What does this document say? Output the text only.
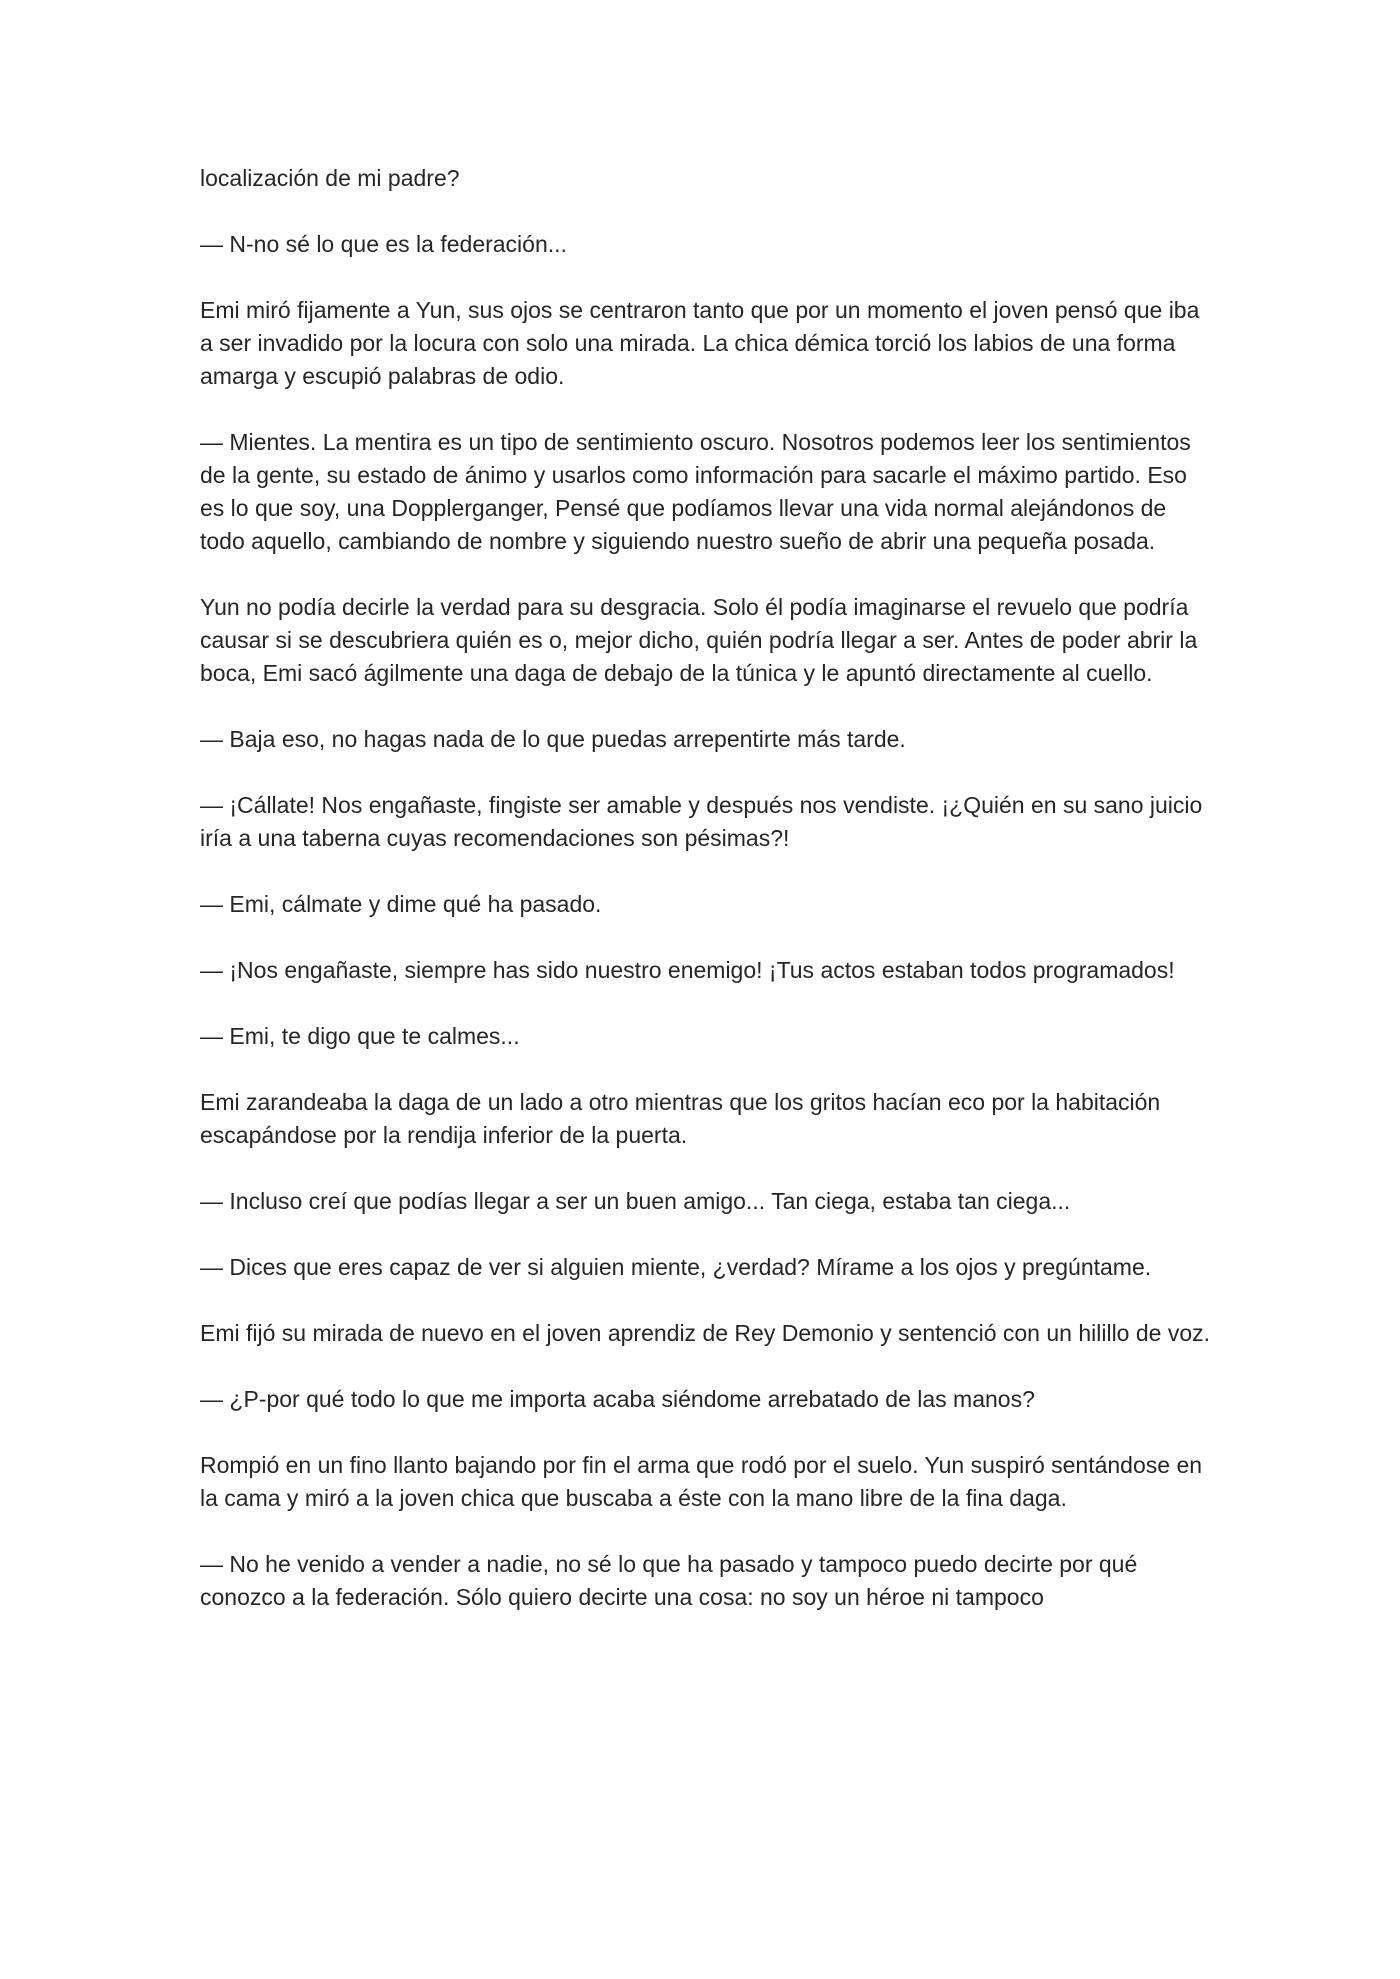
localización de mi padre?

— N-no sé lo que es la federación...

Emi miró fijamente a Yun, sus ojos se centraron tanto que por un momento el joven pensó que iba a ser invadido por la locura con solo una mirada. La chica démica torció los labios de una forma amarga y escupió palabras de odio.

— Mientes. La mentira es un tipo de sentimiento oscuro. Nosotros podemos leer los sentimientos de la gente, su estado de ánimo y usarlos como información para sacarle el máximo partido. Eso es lo que soy, una Dopplerganger, Pensé que podíamos llevar una vida normal alejándonos de todo aquello, cambiando de nombre y siguiendo nuestro sueño de abrir una pequeña posada.

Yun no podía decirle la verdad para su desgracia. Solo él podía imaginarse el revuelo que podría causar si se descubriera quién es o, mejor dicho, quién podría llegar a ser. Antes de poder abrir la boca, Emi sacó ágilmente una daga de debajo de la túnica y le apuntó directamente al cuello.

— Baja eso, no hagas nada de lo que puedas arrepentirte más tarde.

— ¡Cállate! Nos engañaste, fingiste ser amable y después nos vendiste. ¡¿Quién en su sano juicio iría a una taberna cuyas recomendaciones son pésimas?!

— Emi, cálmate y dime qué ha pasado.

— ¡Nos engañaste, siempre has sido nuestro enemigo! ¡Tus actos estaban todos programados!

— Emi, te digo que te calmes...

Emi zarandeaba la daga de un lado a otro mientras que los gritos hacían eco por la habitación escapándose por la rendija inferior de la puerta.

— Incluso creí que podías llegar a ser un buen amigo... Tan ciega, estaba tan ciega...

— Dices que eres capaz de ver si alguien miente, ¿verdad? Mírame a los ojos y pregúntame.

Emi fijó su mirada de nuevo en el joven aprendiz de Rey Demonio y sentenció con un hilillo de voz.

— ¿P-por qué todo lo que me importa acaba siéndome arrebatado de las manos?

Rompió en un fino llanto bajando por fin el arma que rodó por el suelo. Yun suspiró sentándose en la cama y miró a la joven chica que buscaba a éste con la mano libre de la fina daga.

— No he venido a vender a nadie, no sé lo que ha pasado y tampoco puedo decirte por qué conozco a la federación. Sólo quiero decirte una cosa: no soy un héroe ni tampoco
